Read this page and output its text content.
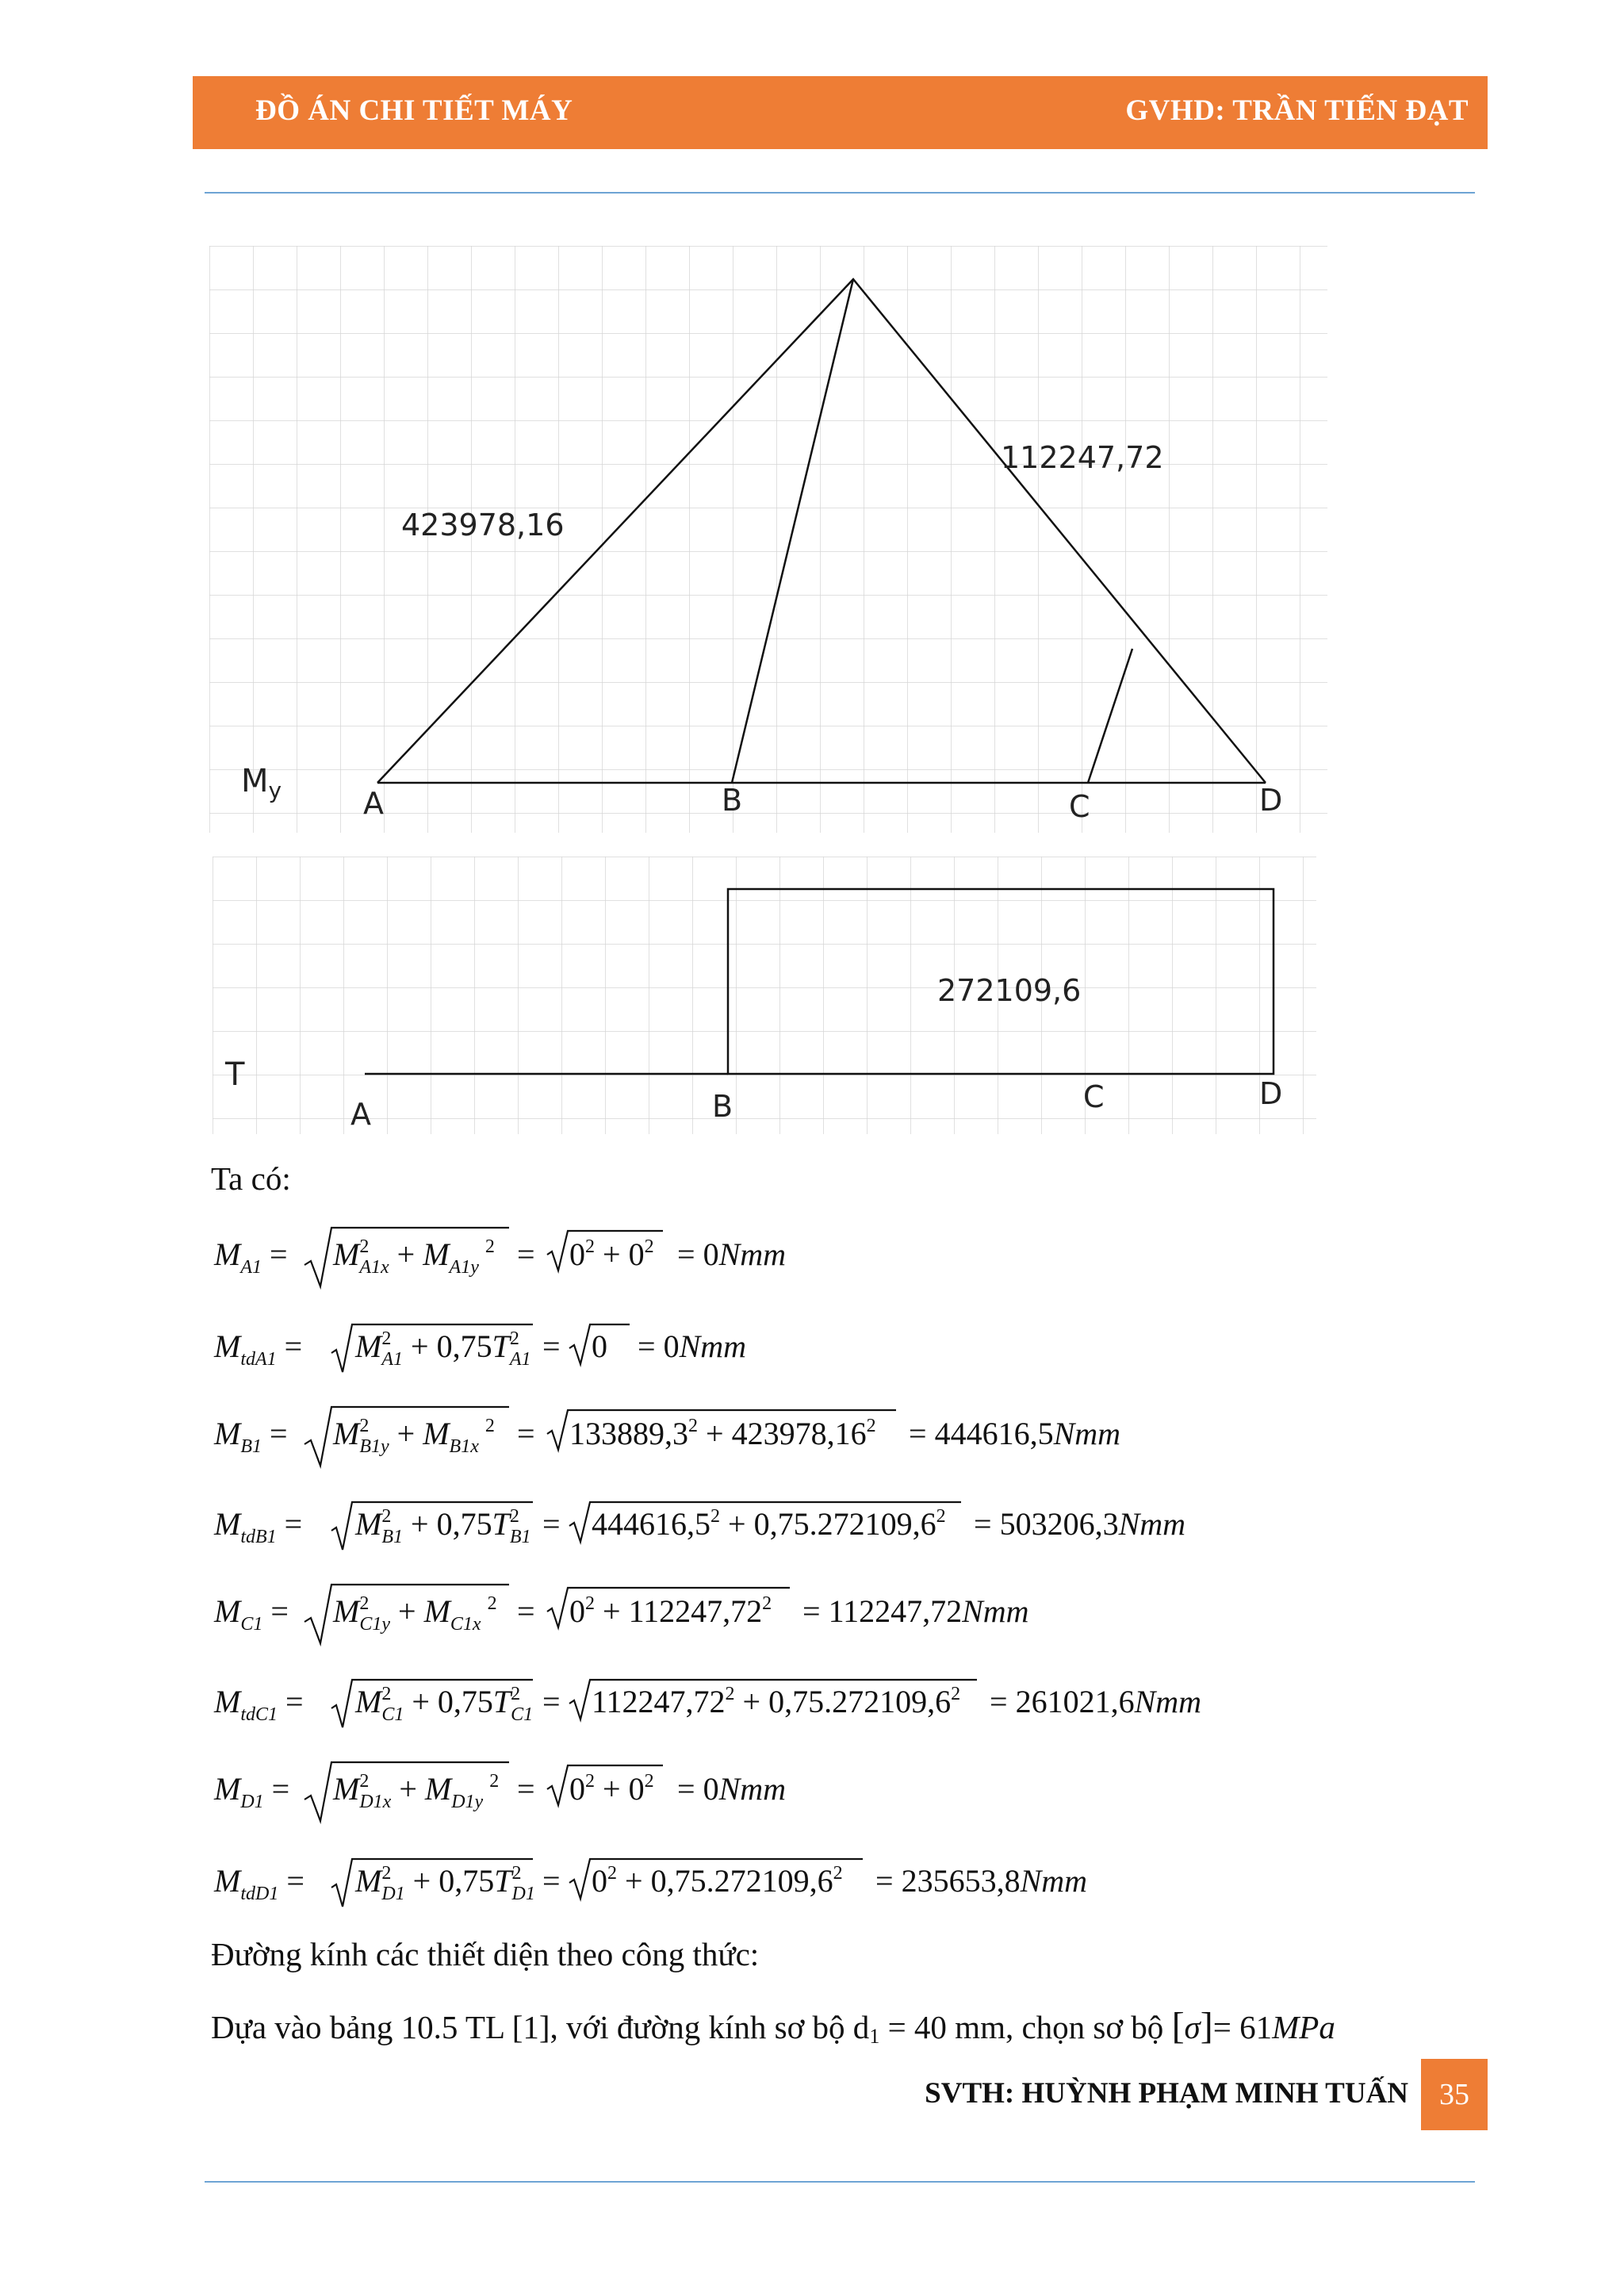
ĐỒ ÁN CHI TIẾT MÁY	GVHD: TRẦN TIẾN ĐẠT
423978,16
112247,72
$M_y$	A	B	C	D
272109,6
T
A	B	C	D
Ta có:
$M_{A1} = M^2$ $A1x + M_{A1y}^2 = 0^2 + 0^2 = 0Nmm$
$M_{tdA1} = M^2$ $A1 + 0,75T^2$ A1 = 0 = 0Nmm
$M_{B1} = M^2$ $B1y + M_{B1x}^2 = 133889,3^2 + 423978,16^2 = 444616,5Nmm$
$M_{tdB1} = M^2$ $B1 + 0,75T^2$ $B1 = 444616,5^2 + 0,75.272109,6^2 = 503206,3Nmm$
$M_{C1} = M^2$ $C1y + M_{C1x}^2 = 0^2 + 112247,72^2 = 112247,72Nmm$
$M_{tdC1} = M^2$ $C1 + 0,75T^2$ $C1 = 112247,72^2 + 0,75.272109,6^2 = 261021,6Nmm$
$M_{D1} = M^2$ $D1x + M_{D1y}^2 = 0^2 + 0^2 = 0Nmm$
$M_{tdD1} = M^2$ $D1 + 0,75T^2$ $D1 = 0^2 + 0,75.272109,6^2 = 235653,8Nmm$
Đường kính các thiết diện theo công thức:
Dựa vào bảng 10.5 TL [1], với đường kính sơ bộ d1 = 40 mm, chọn sơ bộ [σ]= 61MPa
SVTH: HUỲNH PHẠM MINH TUẤN	35
